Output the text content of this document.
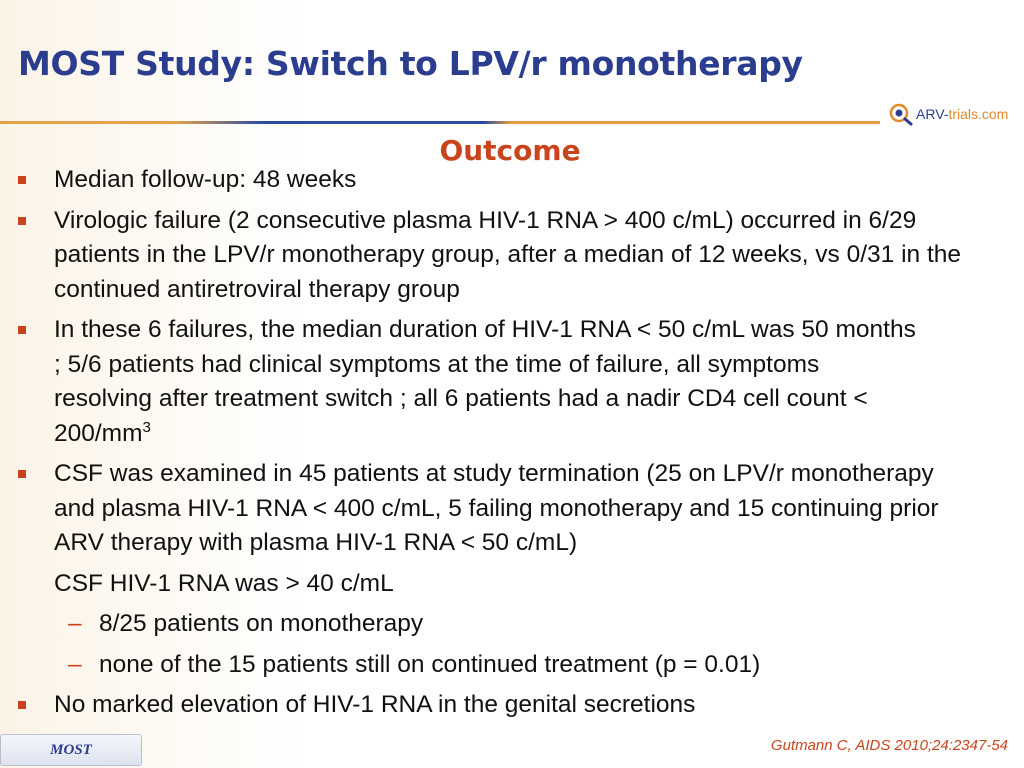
MOST Study: Switch to LPV/r monotherapy
ARV-trials.com
Outcome
Median follow-up: 48 weeks
Virologic failure (2 consecutive plasma HIV-1 RNA > 400 c/mL) occurred in 6/29 patients in the LPV/r monotherapy group, after a median of 12 weeks, vs 0/31 in the continued antiretroviral therapy group
In these 6 failures, the median duration of HIV-1 RNA < 50 c/mL was 50 months ; 5/6 patients had clinical symptoms at the time of failure, all symptoms resolving after treatment switch ; all 6 patients had a nadir CD4 cell count < $200/mm^3$
CSF was examined in 45 patients at study termination (25 on LPV/r monotherapy and plasma HIV-1 RNA < 400 c/mL, 5 failing monotherapy and 15 continuing prior ARV therapy with plasma HIV-1 RNA < 50 c/mL)
CSF HIV-1 RNA was > 40 c/mL
– 8/25 patients on monotherapy
– none of the 15 patients still on continued treatment (p = 0.01)
No marked elevation of HIV-1 RNA in the genital secretions
MOST	Gutmann C, AIDS 2010;24:2347-54
